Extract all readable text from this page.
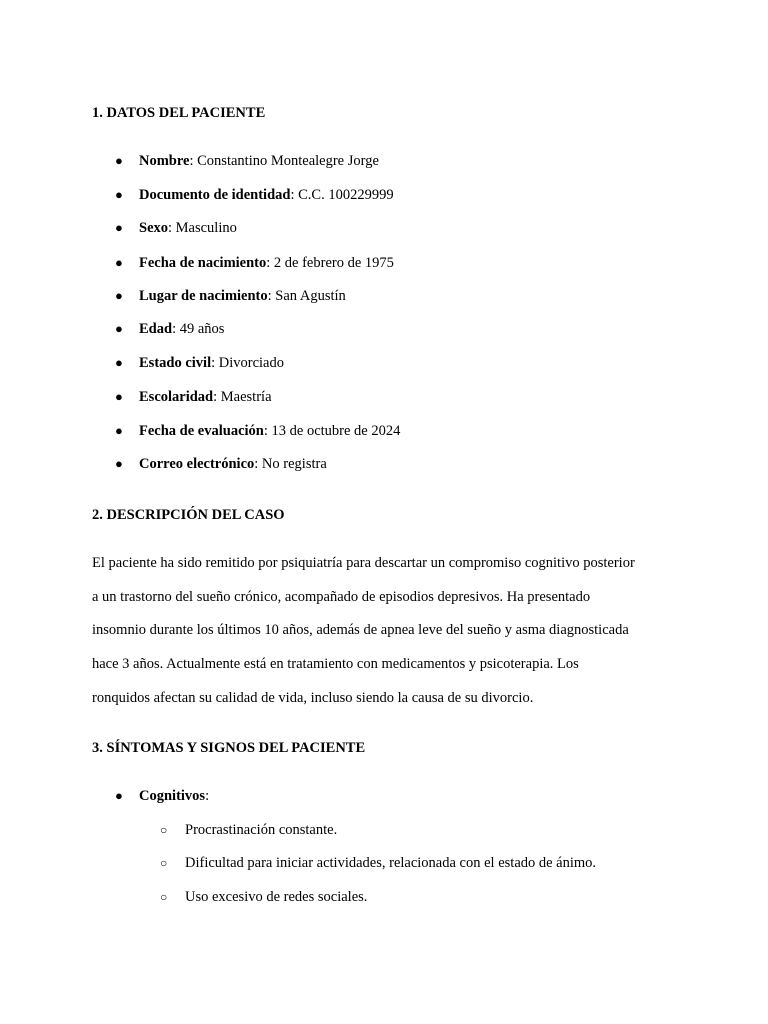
1. DATOS DEL PACIENTE
● Nombre: Constantino Montealegre Jorge
● Documento de identidad: C.C. 100229999
● Sexo: Masculino
● Fecha de nacimiento: 2 de febrero de 1975
● Lugar de nacimiento: San Agustín
● Edad: 49 años
● Estado civil: Divorciado
● Escolaridad: Maestría
● Fecha de evaluación: 13 de octubre de 2024
● Correo electrónico: No registra
2. DESCRIPCIÓN DEL CASO
El paciente ha sido remitido por psiquiatría para descartar un compromiso cognitivo posterior
a un trastorno del sueño crónico, acompañado de episodios depresivos. Ha presentado
insomnio durante los últimos 10 años, además de apnea leve del sueño y asma diagnosticada
hace 3 años. Actualmente está en tratamiento con medicamentos y psicoterapia. Los
ronquidos afectan su calidad de vida, incluso siendo la causa de su divorcio.
3. SÍNTOMAS Y SIGNOS DEL PACIENTE
● Cognitivos:
○ Procrastinación constante.
○ Dificultad para iniciar actividades, relacionada con el estado de ánimo.
○ Uso excesivo de redes sociales.
